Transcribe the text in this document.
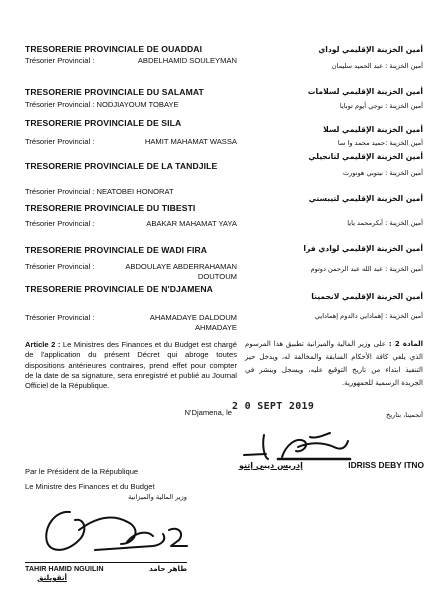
TRESORERIE PROVINCIALE DE OUADDAI
Trésorier Provincial :	ABDELHAMID SOULEYMAN
TRESORERIE PROVINCIALE DU SALAMAT
Trésorier Provincial : NODJIAYOUM TOBAYE
TRESORERIE PROVINCIALE DE SILA
Trésorier Provincial :	HAMIT MAHAMAT WASSA
TRESORERIE PROVINCIALE DE LA TANDJILE
Trésorier Provincial : NEATOBEI HONORAT
TRESORERIE PROVINCIALE DU TIBESTI
Trésorier Provincial :	ABAKAR MAHAMAT YAYA
TRESORERIE PROVINCIALE DE WADI FIRA
Trésorier Provincial :	ABDOULAYE ABDERRAHAMAN DOUTOUM
TRESORERIE PROVINCIALE DE N'DJAMENA
Trésorier Provincial :	AHAMADAYE DALDOUM AHMADAYE
Article 2 : Le Ministres des Finances et du Budget est chargé de l'application du présent Décret qui abroge toutes dispositions antérieures contraires, prend effet pour compter de la date de sa signature, sera enregistré et publié au Journal Officiel de la République.
N'Djamena, le
Par le Président de la République
Le Ministre des Finances et du Budget
وزير المالية والميزانية
TAHIR HAMID NGUILIN	طاهر حامد
أنقويلنق
أمين الخزينة الإقليمي لوداي
أمين الخزينة : عبد الحميد سليمان
أمين الخزينة الإقليمي لسلامات
أمين الخزينة : نوجي أيوم توبايا
أمين الخزينة الإقليمي لسلا
أمين الخزينة :حميد محمد وا سا
أمين الخزينة الإقليمي لتانجيلي
أمين الخزينة : نيتوبي هونورت
أمين الخزينة الإقليمي لتيبستي
أمين الخزينة : أبكرمحمد يايا
أمين الخزينة الإقليمي لوادي فرا
أمين الخزينة : عبد الله عبد الرحمن دوتوم
أمين الخزينة الإقليمي لانجمينا
أمين الخزينة : إهمادايي دالدوم إهمادايي
المادة 2 : على وزير المالية والميزانية تطبيق هذا المرسوم الذي يلغي كافة الأحكام السابقة والمخالفة له، ويدخل حيز التنفيذ ابتداء من تاريخ التوقيع عليه، ويسجل وينشر في الجريدة الرسمية للجمهورية.
أنجمينا، بتاريخ
2 0 SEPT 2019
إدريس ديبي إتنو	IDRISS DEBY ITNO
